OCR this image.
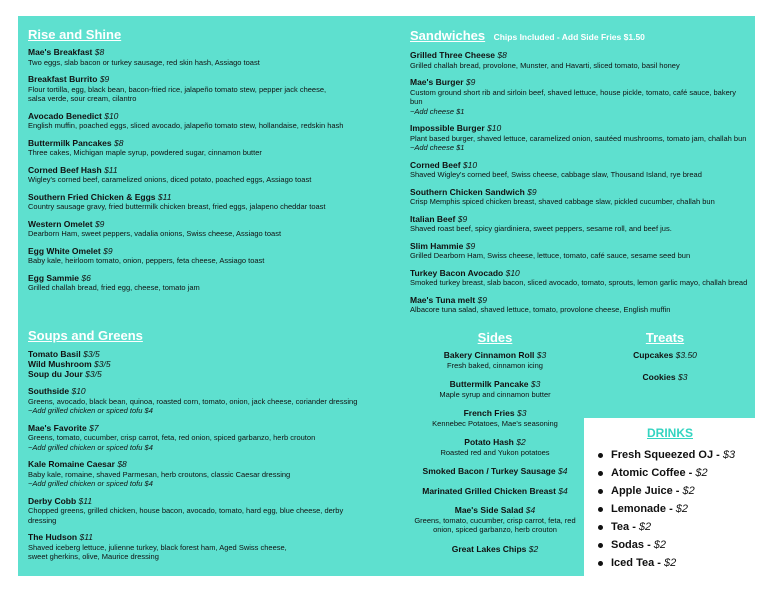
Rise and Shine
Mae's Breakfast $8
Two eggs, slab bacon or turkey sausage, red skin hash, Assiago toast
Breakfast Burrito $9
Flour tortilla, egg, black bean, bacon-fried rice, jalapeño tomato stew, pepper jack cheese,
salsa verde, sour cream, cilantro
Avocado Benedict $10
English muffin, poached eggs, sliced avocado, jalapeño tomato stew, hollandaise, redskin hash
Buttermilk Pancakes $8
Three cakes, Michigan maple syrup, powdered sugar, cinnamon butter
Corned Beef Hash $11
Wigley's corned beef, caramelized onions, diced potato, poached eggs, Assiago toast
Southern Fried Chicken & Eggs $11
Country sausage gravy, fried buttermilk chicken breast, fried eggs, jalapeno cheddar toast
Western Omelet $9
Dearborn Ham, sweet peppers, vadalia onions, Swiss cheese, Assiago toast
Egg White Omelet $9
Baby kale, heirloom tomato, onion, peppers, feta cheese, Assiago toast
Egg Sammie $6
Grilled challah bread, fried egg, cheese, tomato jam
Soups and Greens
Tomato Basil $3/5
Wild Mushroom $3/5
Soup du Jour $3/5
Southside $10
Greens, avocado, black bean, quinoa, roasted corn, tomato, onion, jack cheese, coriander dressing
~Add grilled chicken or spiced tofu $4
Mae's Favorite $7
Greens, tomato, cucumber, crisp carrot, feta, red onion, spiced garbanzo, herb crouton
~Add grilled chicken or spiced tofu $4
Kale Romaine Caesar $8
Baby kale, romaine, shaved Parmesan, herb croutons, classic Caesar dressing
~Add grilled chicken or spiced tofu $4
Derby Cobb $11
Chopped greens, grilled chicken, house bacon, avocado, tomato, hard egg, blue cheese, derby dressing
The Hudson $11
Shaved iceberg lettuce, julienne turkey, black forest ham, Aged Swiss cheese,
sweet gherkins, olive, Maurice dressing
Sandwiches Chips Included - Add Side Fries $1.50
Grilled Three Cheese $8
Grilled challah bread, provolone, Munster, and Havarti, sliced tomato, basil honey
Mae's Burger $9
Custom ground short rib and sirloin beef, shaved lettuce, house pickle, tomato, café sauce, bakery bun
~Add cheese $1
Impossible Burger $10
Plant based burger, shaved lettuce, caramelized onion, sautéed mushrooms, tomato jam, challah bun
~Add cheese $1
Corned Beef $10
Shaved Wigley's corned beef, Swiss cheese, cabbage slaw, Thousand Island, rye bread
Southern Chicken Sandwich $9
Crisp Memphis spiced chicken breast, shaved cabbage slaw, pickled cucumber, challah bun
Italian Beef $9
Shaved roast beef, spicy giardiniera, sweet peppers, sesame roll, and beef jus.
Slim Hammie $9
Grilled Dearborn Ham, Swiss cheese, lettuce, tomato, café sauce, sesame seed bun
Turkey Bacon Avocado $10
Smoked turkey breast, slab bacon, sliced avocado, tomato, sprouts, lemon garlic mayo, challah bread
Mae's Tuna melt $9
Albacore tuna salad, shaved lettuce, tomato, provolone cheese, English muffin
Sides
Bakery Cinnamon Roll $3
Fresh baked, cinnamon icing
Buttermilk Pancake $3
Maple syrup and cinnamon butter
French Fries $3
Kennebec Potatoes, Mae's seasoning
Potato Hash $2
Roasted red and Yukon potatoes
Smoked Bacon / Turkey Sausage $4
Marinated Grilled Chicken Breast $4
Mae's Side Salad $4
Greens, tomato, cucumber, crisp carrot, feta, red
onion, spiced garbanzo, herb crouton
Great Lakes Chips $2
Treats
Cupcakes $3.50
Cookies $3
DRINKS
Fresh Squeezed OJ - $3
Atomic Coffee - $2
Apple Juice - $2
Lemonade - $2
Tea - $2
Sodas - $2
Iced Tea - $2
